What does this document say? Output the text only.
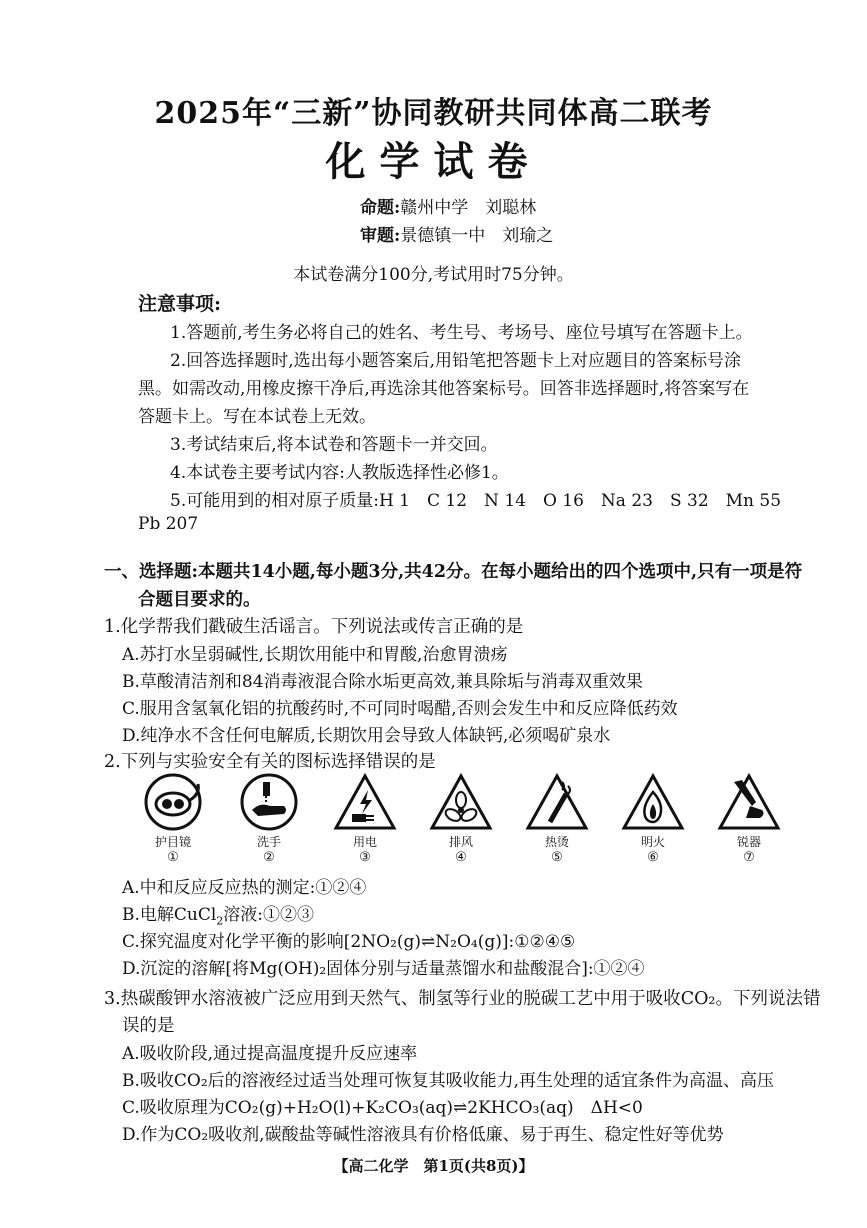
2025年“三新”协同教研共同体高二联考
化学试卷
命题:赣州中学　刘聪林
审题:景德镇一中　刘瑜之
本试卷满分100分,考试用时75分钟。
注意事项:
1.答题前,考生务必将自己的姓名、考生号、考场号、座位号填写在答题卡上。
2.回答选择题时,选出每小题答案后,用铅笔把答题卡上对应题目的答案标号涂
黑。如需改动,用橡皮擦干净后,再选涂其他答案标号。回答非选择题时,将答案写在
答题卡上。写在本试卷上无效。
3.考试结束后,将本试卷和答题卡一并交回。
4.本试卷主要考试内容:人教版选择性必修1。
5.可能用到的相对原子质量:H 1　C 12　N 14　O 16　Na 23　S 32　Mn 55
Pb 207
一、选择题:本题共14小题,每小题3分,共42分。在每小题给出的四个选项中,只有一项是符
合题目要求的。
1.化学帮我们戳破生活谣言。下列说法或传言正确的是
A.苏打水呈弱碱性,长期饮用能中和胃酸,治愈胃溃疡
B.草酸清洁剂和84消毒液混合除水垢更高效,兼具除垢与消毒双重效果
C.服用含氢氧化铝的抗酸药时,不可同时喝醋,否则会发生中和反应降低药效
D.纯净水不含任何电解质,长期饮用会导致人体缺钙,必须喝矿泉水
2.下列与实验安全有关的图标选择错误的是
护目镜
①
洗手
②
用电
③
排风
④
热烫
⑤
明火
⑥
锐器
⑦
A.中和反应反应热的测定:①②④
B.电解CuCl$_2$溶液:①②③
C.探究温度对化学平衡的影响[2NO₂(g)⇌N₂O₄(g)]:①②④⑤
D.沉淀的溶解[将Mg(OH)₂固体分别与适量蒸馏水和盐酸混合]:①②④
3.热碳酸钾水溶液被广泛应用到天然气、制氢等行业的脱碳工艺中用于吸收CO₂。下列说法错
误的是
A.吸收阶段,通过提高温度提升反应速率
B.吸收CO₂后的溶液经过适当处理可恢复其吸收能力,再生处理的适宜条件为高温、高压
C.吸收原理为CO₂(g)+H₂O(l)+K₂CO₃(aq)⇌2KHCO₃(aq)　ΔH<0
D.作为CO₂吸收剂,碳酸盐等碱性溶液具有价格低廉、易于再生、稳定性好等优势
【高二化学　第1页(共8页)】
